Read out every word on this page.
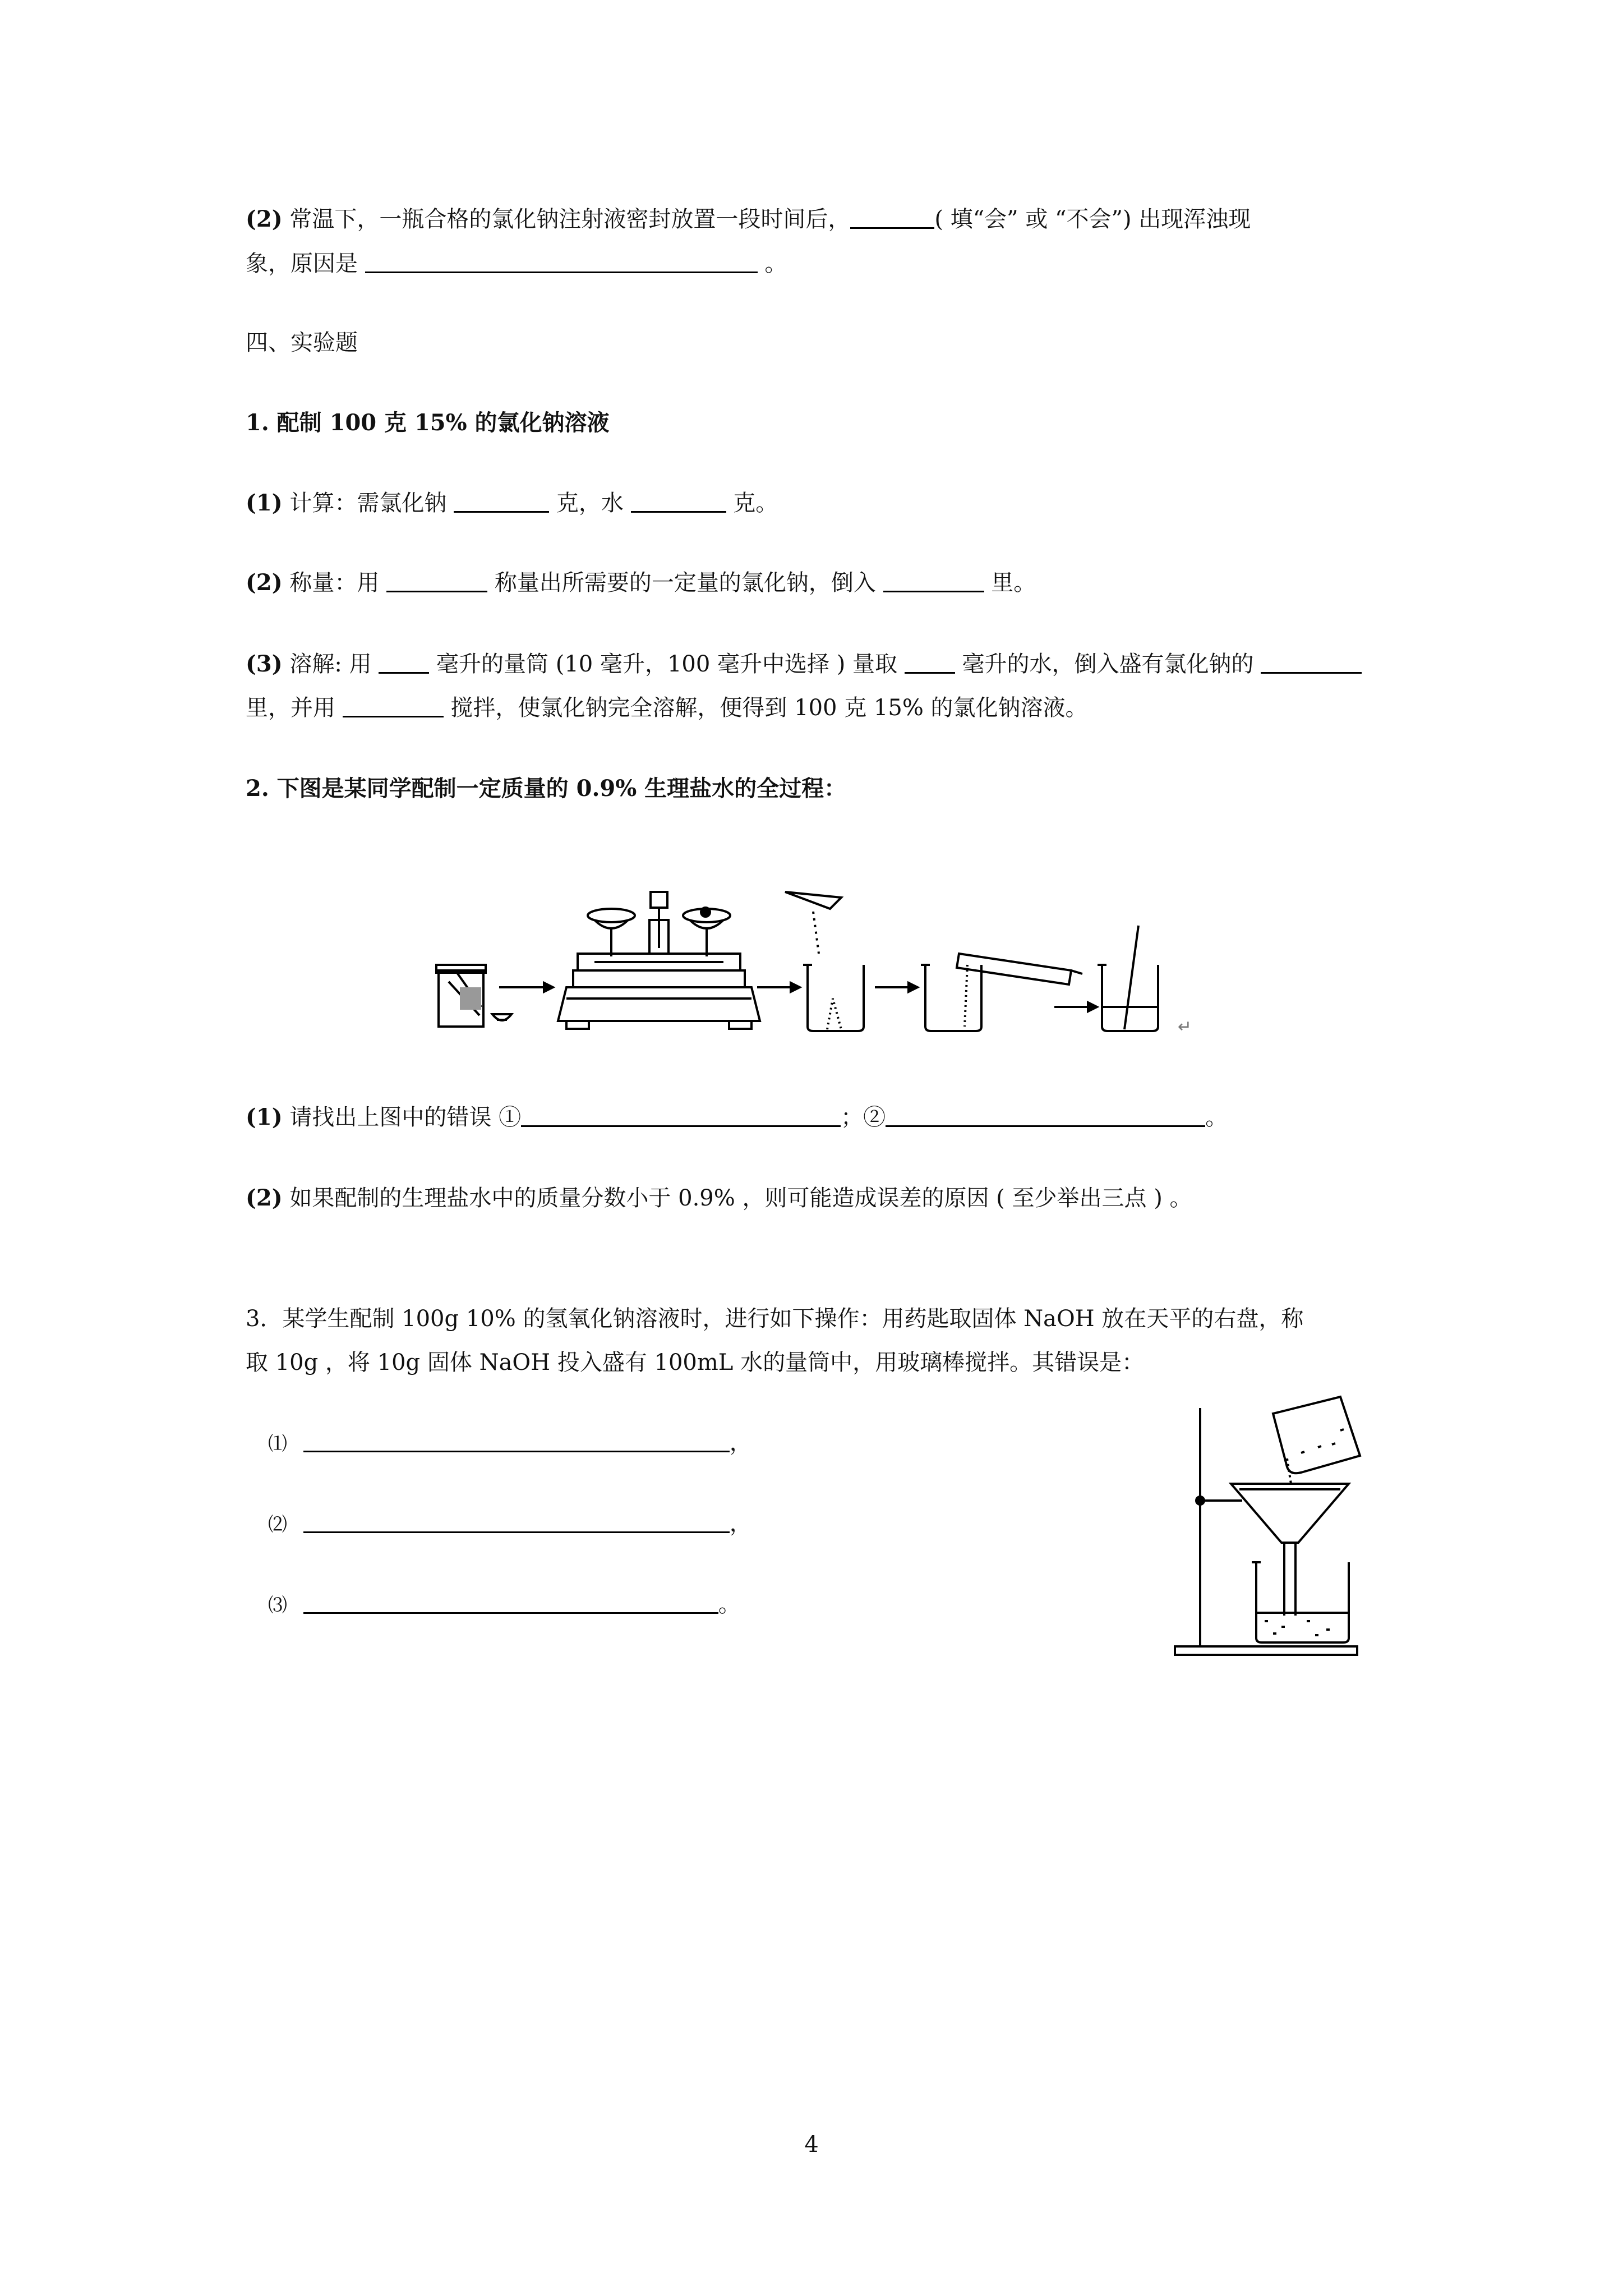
(2) 常温下，一瓶合格的氯化钠注射液密封放置一段时间后，	( 填“会” 或 “不会”) 出现浑浊现
象，原因是	。
四、实验题
1. 配制 100 克 15% 的氯化钠溶液
(1) 计算：需氯化钠	克，水	克。
(2) 称量：用	称量出所需要的一定量的氯化钠，倒入	里。
(3) 溶解: 用  毫升的量筒 (10 毫升，100 毫升中选择 ) 量取  毫升的水，倒入盛有氯化钠的
里，并用	搅拌，使氯化钠完全溶解，便得到 100 克 15% 的氯化钠溶液。
2. 下图是某同学配制一定质量的 0.9% 生理盐水的全过程：
↵
(1) 请找出上图中的错误 ①	；②	。
(2) 如果配制的生理盐水中的质量分数小于 0.9% ，则可能造成误差的原因 ( 至少举出三点 ) 。
3．某学生配制 100g 10% 的氢氧化钠溶液时，进行如下操作：用药匙取固体 NaOH 放在天平的右盘，称
取 10g ，将 10g 固体 NaOH 投入盛有 100mL 水的量筒中，用玻璃棒搅拌。其错误是：
⑴	，
⑵	，
⑶	。
4
